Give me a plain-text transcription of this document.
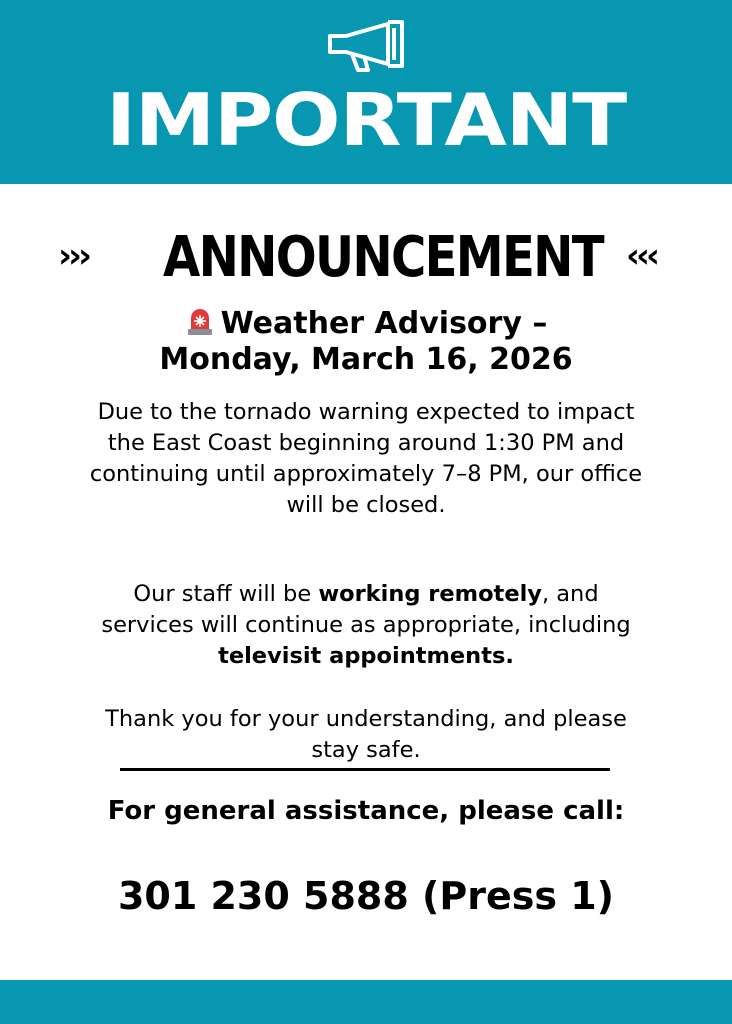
IMPORTANT
››› ANNOUNCEMENT ‹‹‹
Weather Advisory –
Monday, March 16, 2026
Due to the tornado warning expected to impact the East Coast beginning around 1:30 PM and continuing until approximately 7–8 PM, our office will be closed.
Our staff will be working remotely, and services will continue as appropriate, including televisit appointments.
Thank you for your understanding, and please stay safe.
For general assistance, please call:
301 230 5888 (Press 1)
